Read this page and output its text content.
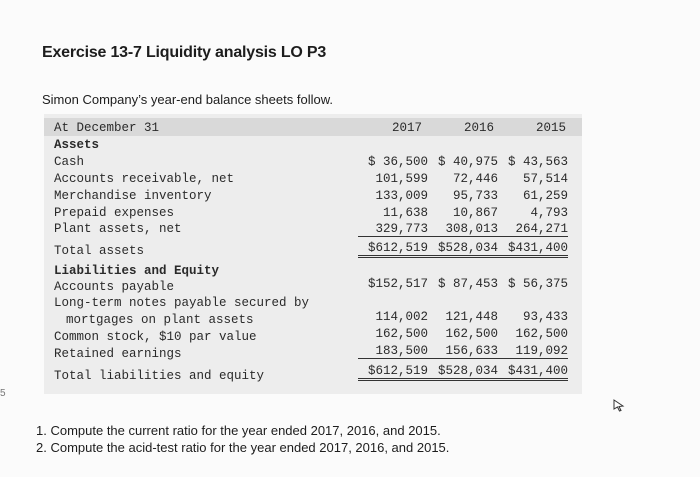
Exercise 13-7 Liquidity analysis LO P3
Simon Company’s year-end balance sheets follow.
At December 31	2017	2016	2015
Assets
Cash	$ 36,500 $ 40,975 $ 43,563
Accounts receivable, net	101,599	72,446	57,514
Merchandise inventory	133,009	95,733	61,259
Prepaid expenses	11,638	10,867	4,793
Plant assets, net	329,773	308,013	264,271
Total assets	$612,519 $528,034 $431,400
Liabilities and Equity
Accounts payable	$152,517 $ 87,453 $ 56,375
Long-term notes payable secured by
mortgages on plant assets	114,002	121,448	93,433
Common stock, $10 par value	162,500	162,500	162,500
Retained earnings	183,500	156,633	119,092
Total liabilities and equity	$612,519 $528,034 $431,400
5
1. Compute the current ratio for the year ended 2017, 2016, and 2015.
2. Compute the acid-test ratio for the year ended 2017, 2016, and 2015.
